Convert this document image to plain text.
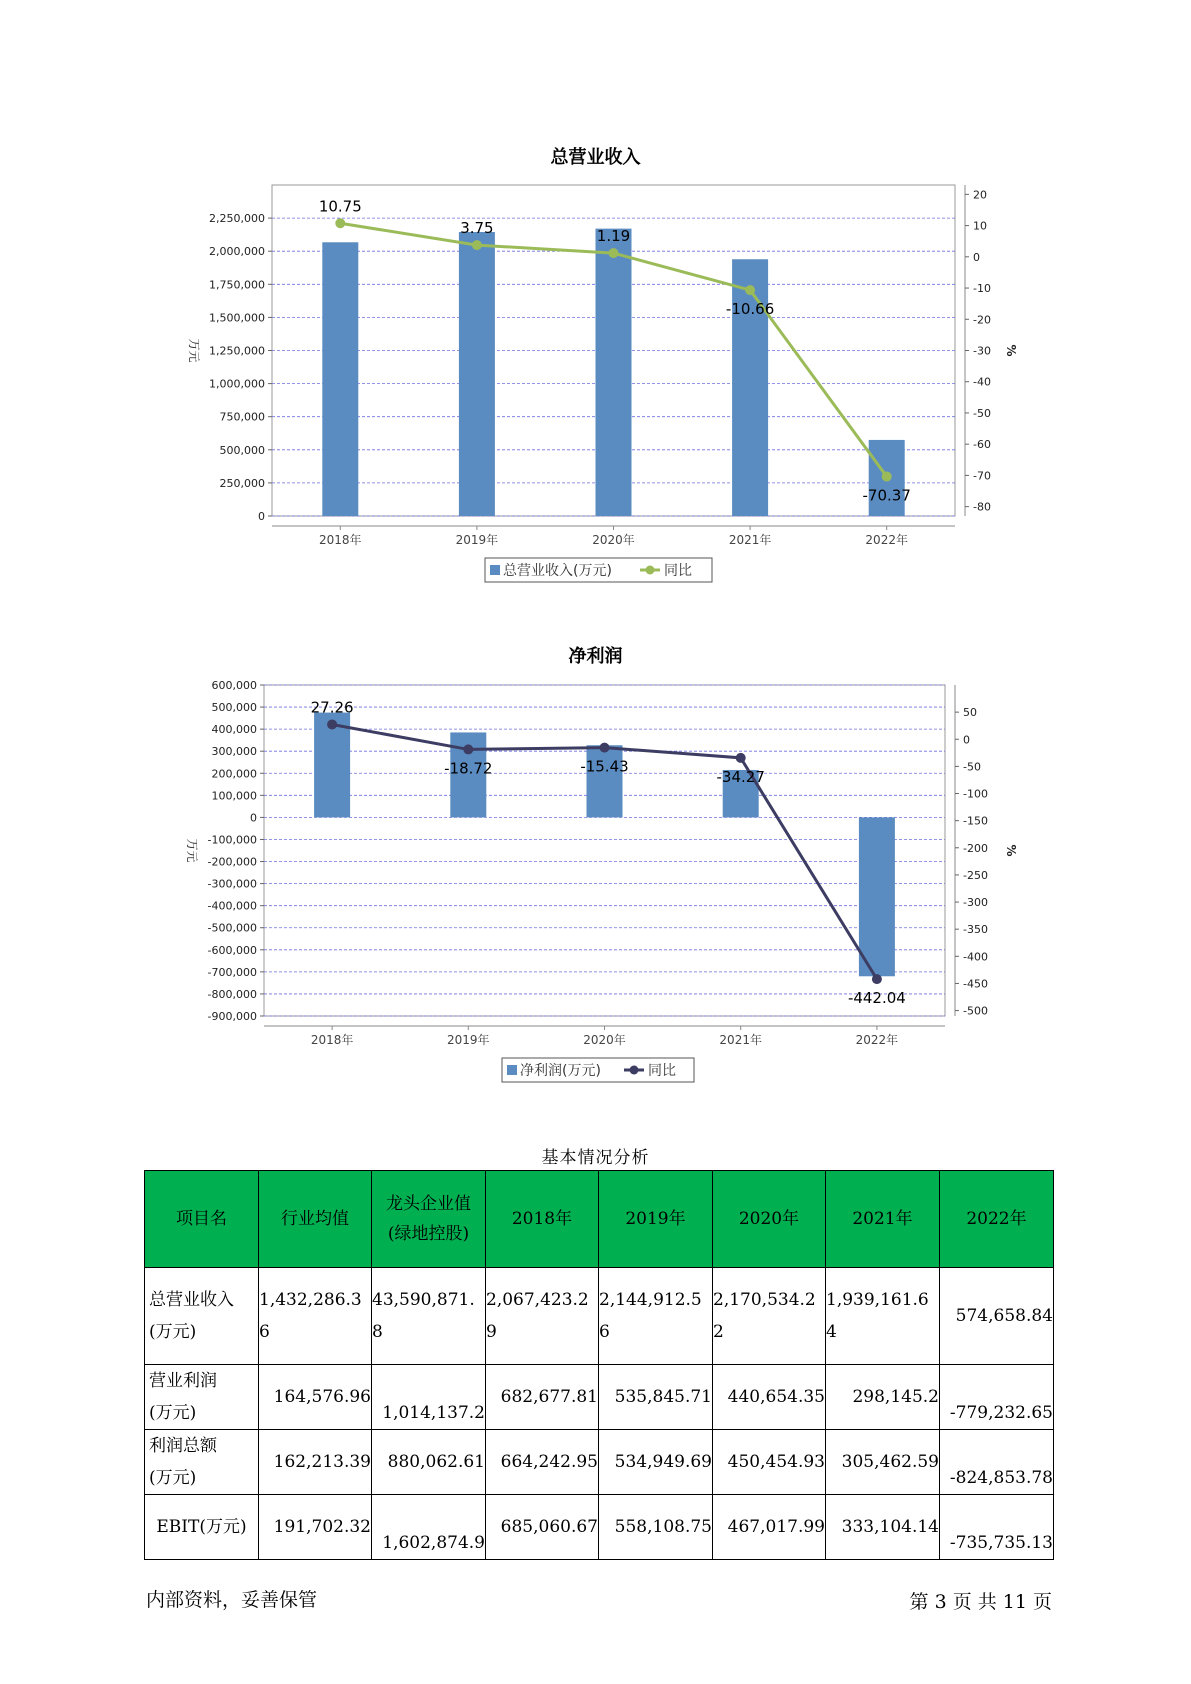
总营业收入
0
250,000
500,000
750,000
1,000,000
1,250,000
1,500,000
1,750,000
2,000,000
2,250,000
-80
-70
-60
-50
-40
-30
-20
-10
0
10
20
2018年	2019年	2020年	2021年	2022年
万元	%
10.75
3.75	1.19
-10.66
-70.37
总营业收入(万元)	同比
净利润
-900,000
-800,000
-700,000
-600,000
-500,000
-400,000
-300,000
-200,000
-100,000
0
100,000
200,000
300,000
400,000
500,000
600,000
-500
-450
-400
-350
-300
-250
-200
-150
-100
-50
0
50
2018年	2019年	2020年	2021年	2022年
万元	%
27.26
-18.72	-15.43
-34.27
-442.04
净利润(万元)	同比
基本情况分析
项目名	行业均值	龙头企业值
(绿地控股)	2018年	2019年	2020年	2021年	2022年
总营业收入
(万元)	1,432,286.36	43,590,871.8	2,067,423.29	2,144,912.56	2,170,534.22	1,939,161.64	574,658.84
营业利润
(万元)	164,576.96	1,014,137.2	682,677.81	535,845.71	440,654.35	298,145.2	-779,232.65
利润总额
(万元)	162,213.39	880,062.61	664,242.95	534,949.69	450,454.93	305,462.59	-824,853.78
EBIT(万元)	191,702.32	1,602,874.9	685,060.67	558,108.75	467,017.99	333,104.14	-735,735.13
内部资料，妥善保管	第 3 页 共 11 页
